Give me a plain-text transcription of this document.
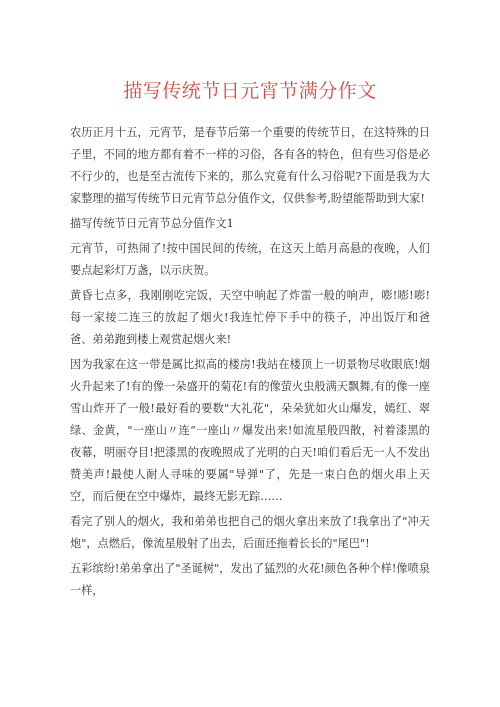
描写传统节日元宵节满分作文

农历正月十五，元宵节，是春节后第一个重要的传统节日，在这特殊的日子里，不同的地方都有着不一样的习俗，各有各的特色，但有些习俗是必不行少的，也是至古流传下来的，那么究竟有什么习俗呢?下面是我为大家整理的描写传统节日元宵节总分值作文，仅供参考,盼望能帮助到大家!

描写传统节日元宵节总分值作文1

元宵节，可热闹了!按中国民间的传统，在这天上皓月高悬的夜晚，人们要点起彩灯万盏，以示庆贺。

黄昏七点多，我刚刚吃完饭，天空中响起了炸雷一般的响声，嘭!嘭!嘭!每一家接二连三的放起了烟火!我连忙停下手中的筷子，冲出饭厅和爸爸、弟弟跑到楼上观赏起烟火来!

因为我家在这一带是属比拟高的楼房!我站在楼顶上一切景物尽收眼底!烟火升起来了!有的像一朵盛开的菊花!有的像萤火虫般满天飘舞,有的像一座雪山炸开了一般!最好看的要数"大礼花"，朵朵犹如火山爆发，嫣红、翠绿、金黄，"一座山〃连“一座山〃爆发出来!如流星般四散，衬着漆黑的夜幕，明丽夺目!把漆黑的夜晚照成了光明的白天!咱们看后无一人不发出赞美声!最使人耐人寻味的要属"导弹"了，先是一束白色的烟火串上天空，而后便在空中爆炸，最终无影无踪……

看完了别人的烟火，我和弟弟也把自己的烟火拿出来放了!我拿出了"冲天炮"，点燃后，像流星般射了出去，后面还拖着长长的"尾巴"!

五彩缤纷!弟弟拿出了"圣诞树"，发出了猛烈的火花!颜色各种个样!像喷泉一样，
